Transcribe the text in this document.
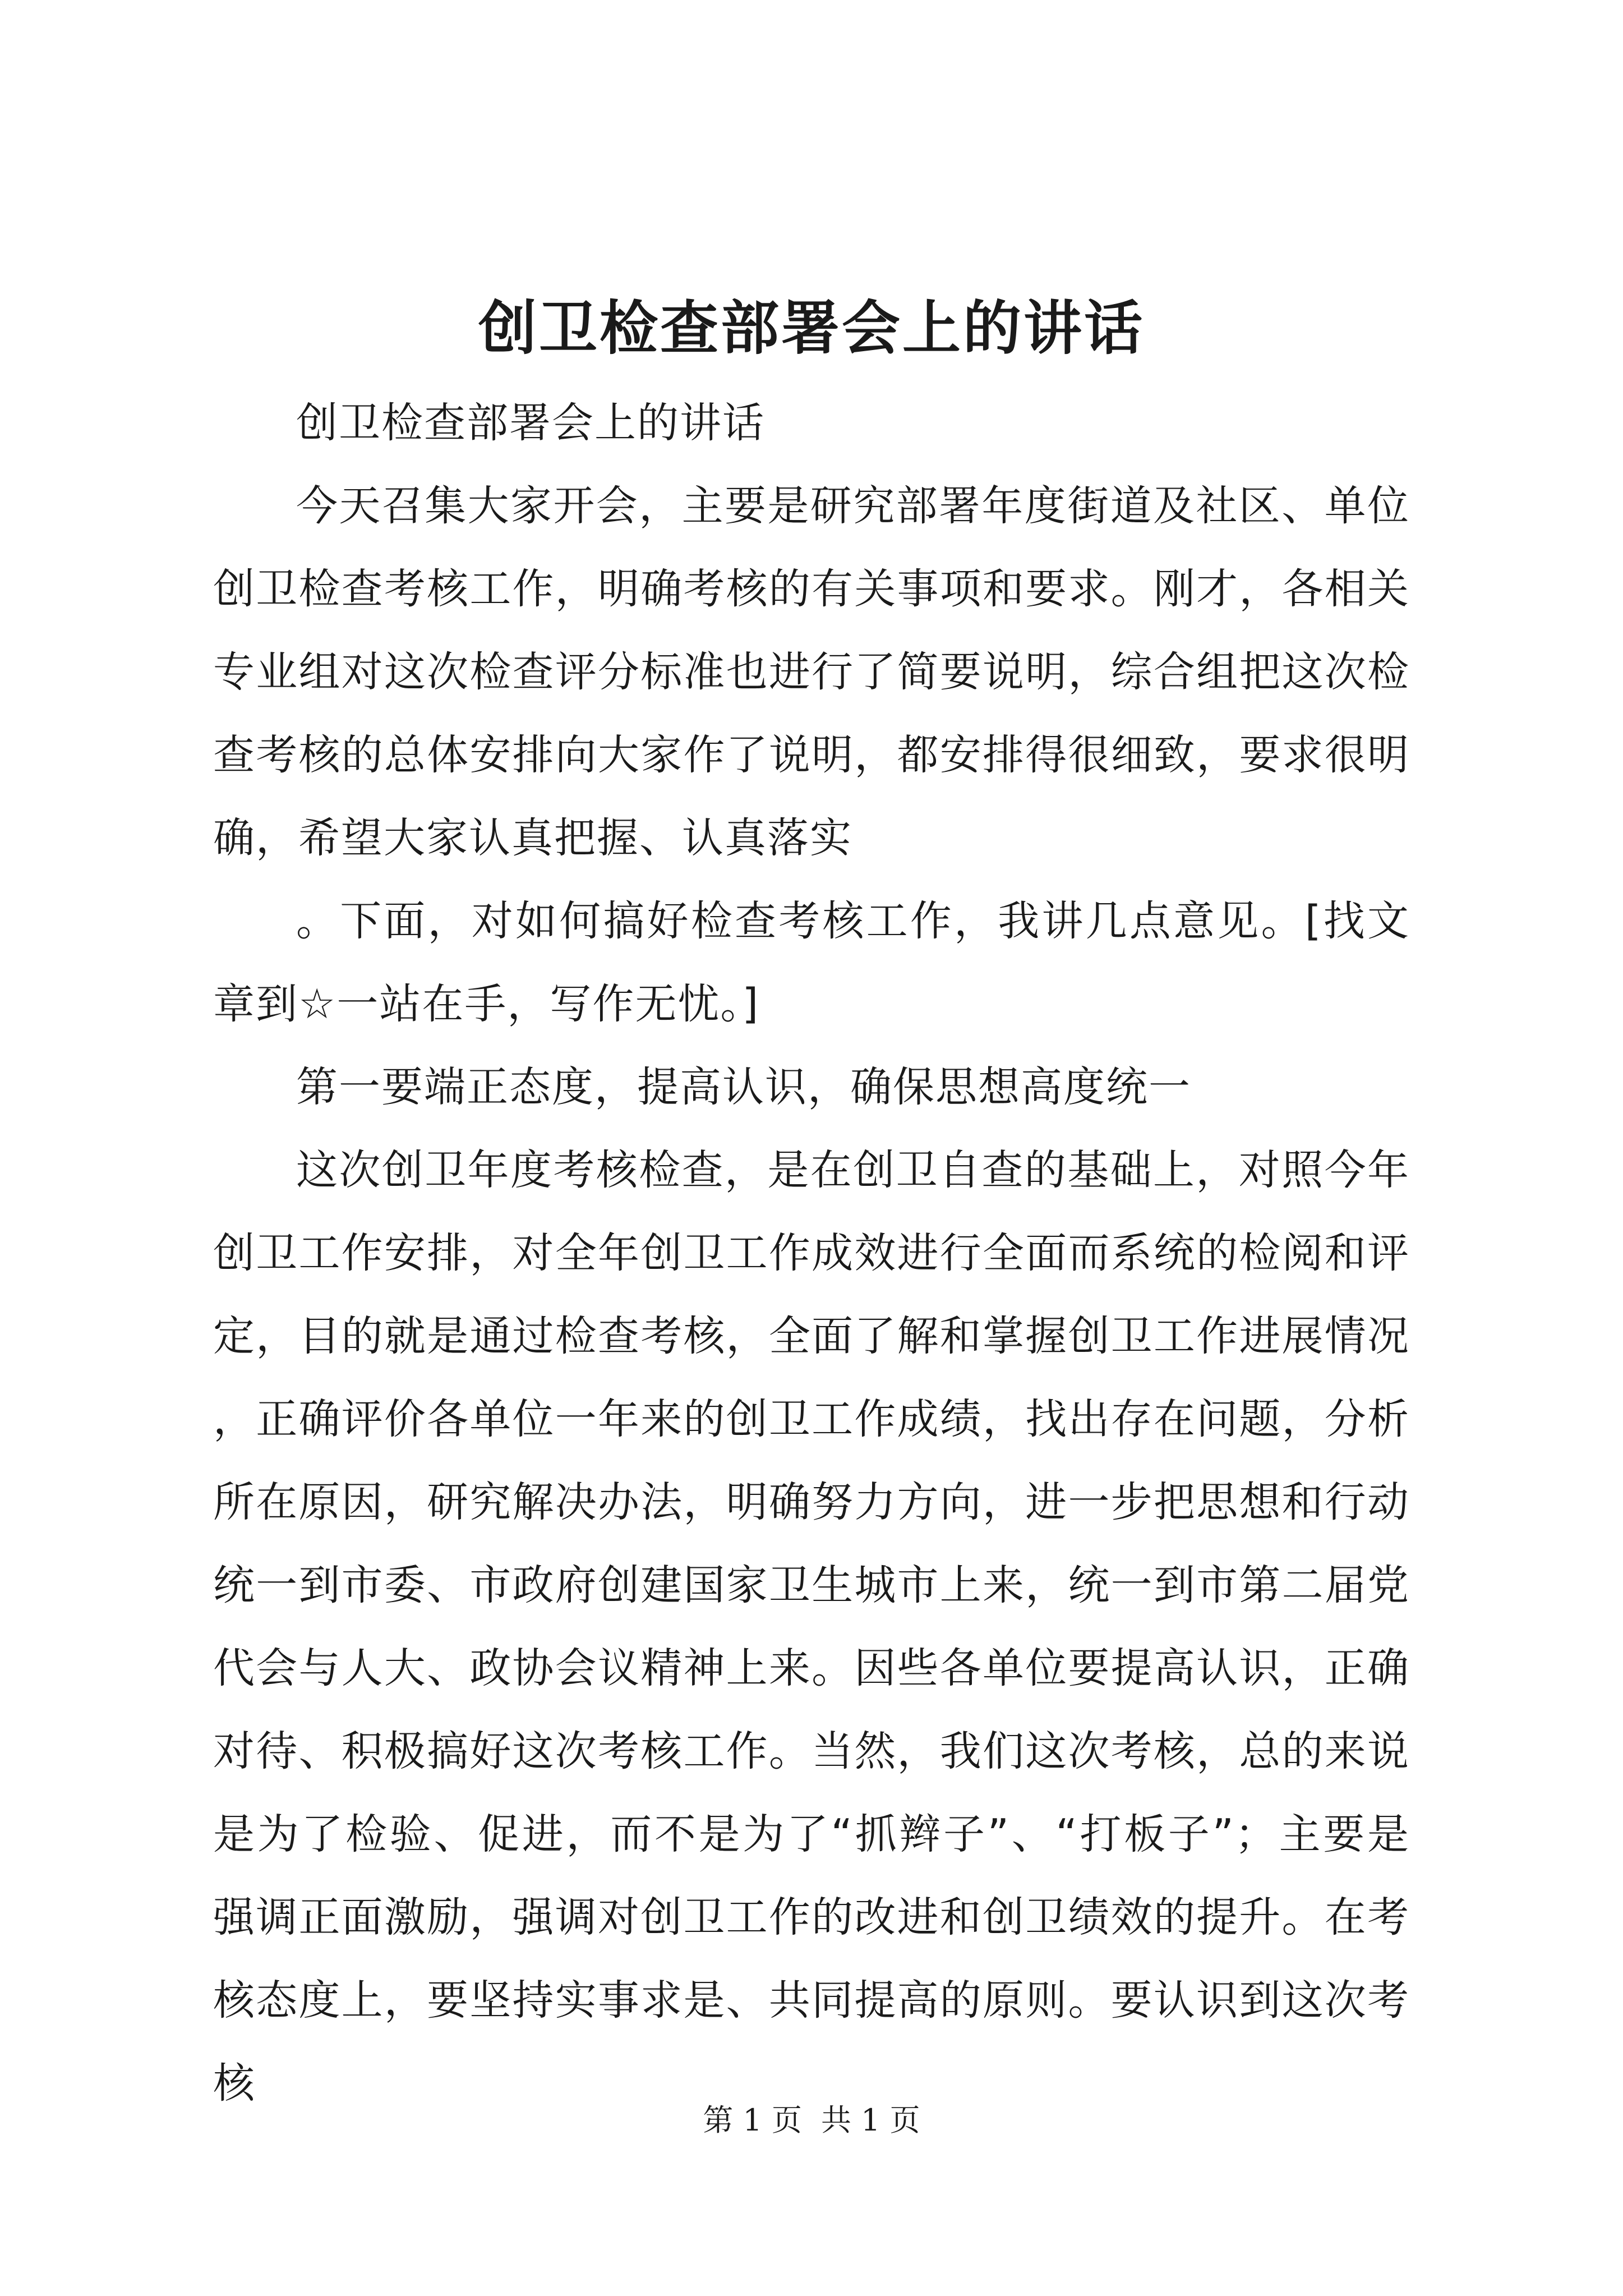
创卫检查部署会上的讲话

创卫检查部署会上的讲话

今天召集大家开会，主要是研究部署年度街道及社区、单位创卫检查考核工作，明确考核的有关事项和要求。刚才，各相关专业组对这次检查评分标准也进行了简要说明，综合组把这次检查考核的总体安排向大家作了说明，都安排得很细致，要求很明确，希望大家认真把握、认真落实

。下面，对如何搞好检查考核工作，我讲几点意见。[找文章到☆一站在手，写作无忧。]

第一要端正态度，提高认识，确保思想高度统一

这次创卫年度考核检查，是在创卫自查的基础上，对照今年创卫工作安排，对全年创卫工作成效进行全面而系统的检阅和评定，目的就是通过检查考核，全面了解和掌握创卫工作进展情况，正确评价各单位一年来的创卫工作成绩，找出存在问题，分析所在原因，研究解决办法，明确努力方向，进一步把思想和行动统一到市委、市政府创建国家卫生城市上来，统一到市第二届党代会与人大、政协会议精神上来。因些各单位要提高认识，正确对待、积极搞好这次考核工作。当然，我们这次考核，总的来说是为了检验、促进，而不是为了“抓辫子”、“打板子”；主要是强调正面激励，强调对创卫工作的改进和创卫绩效的提升。在考核态度上，要坚持实事求是、共同提高的原则。要认识到这次考核

第 1 页 共 1 页
